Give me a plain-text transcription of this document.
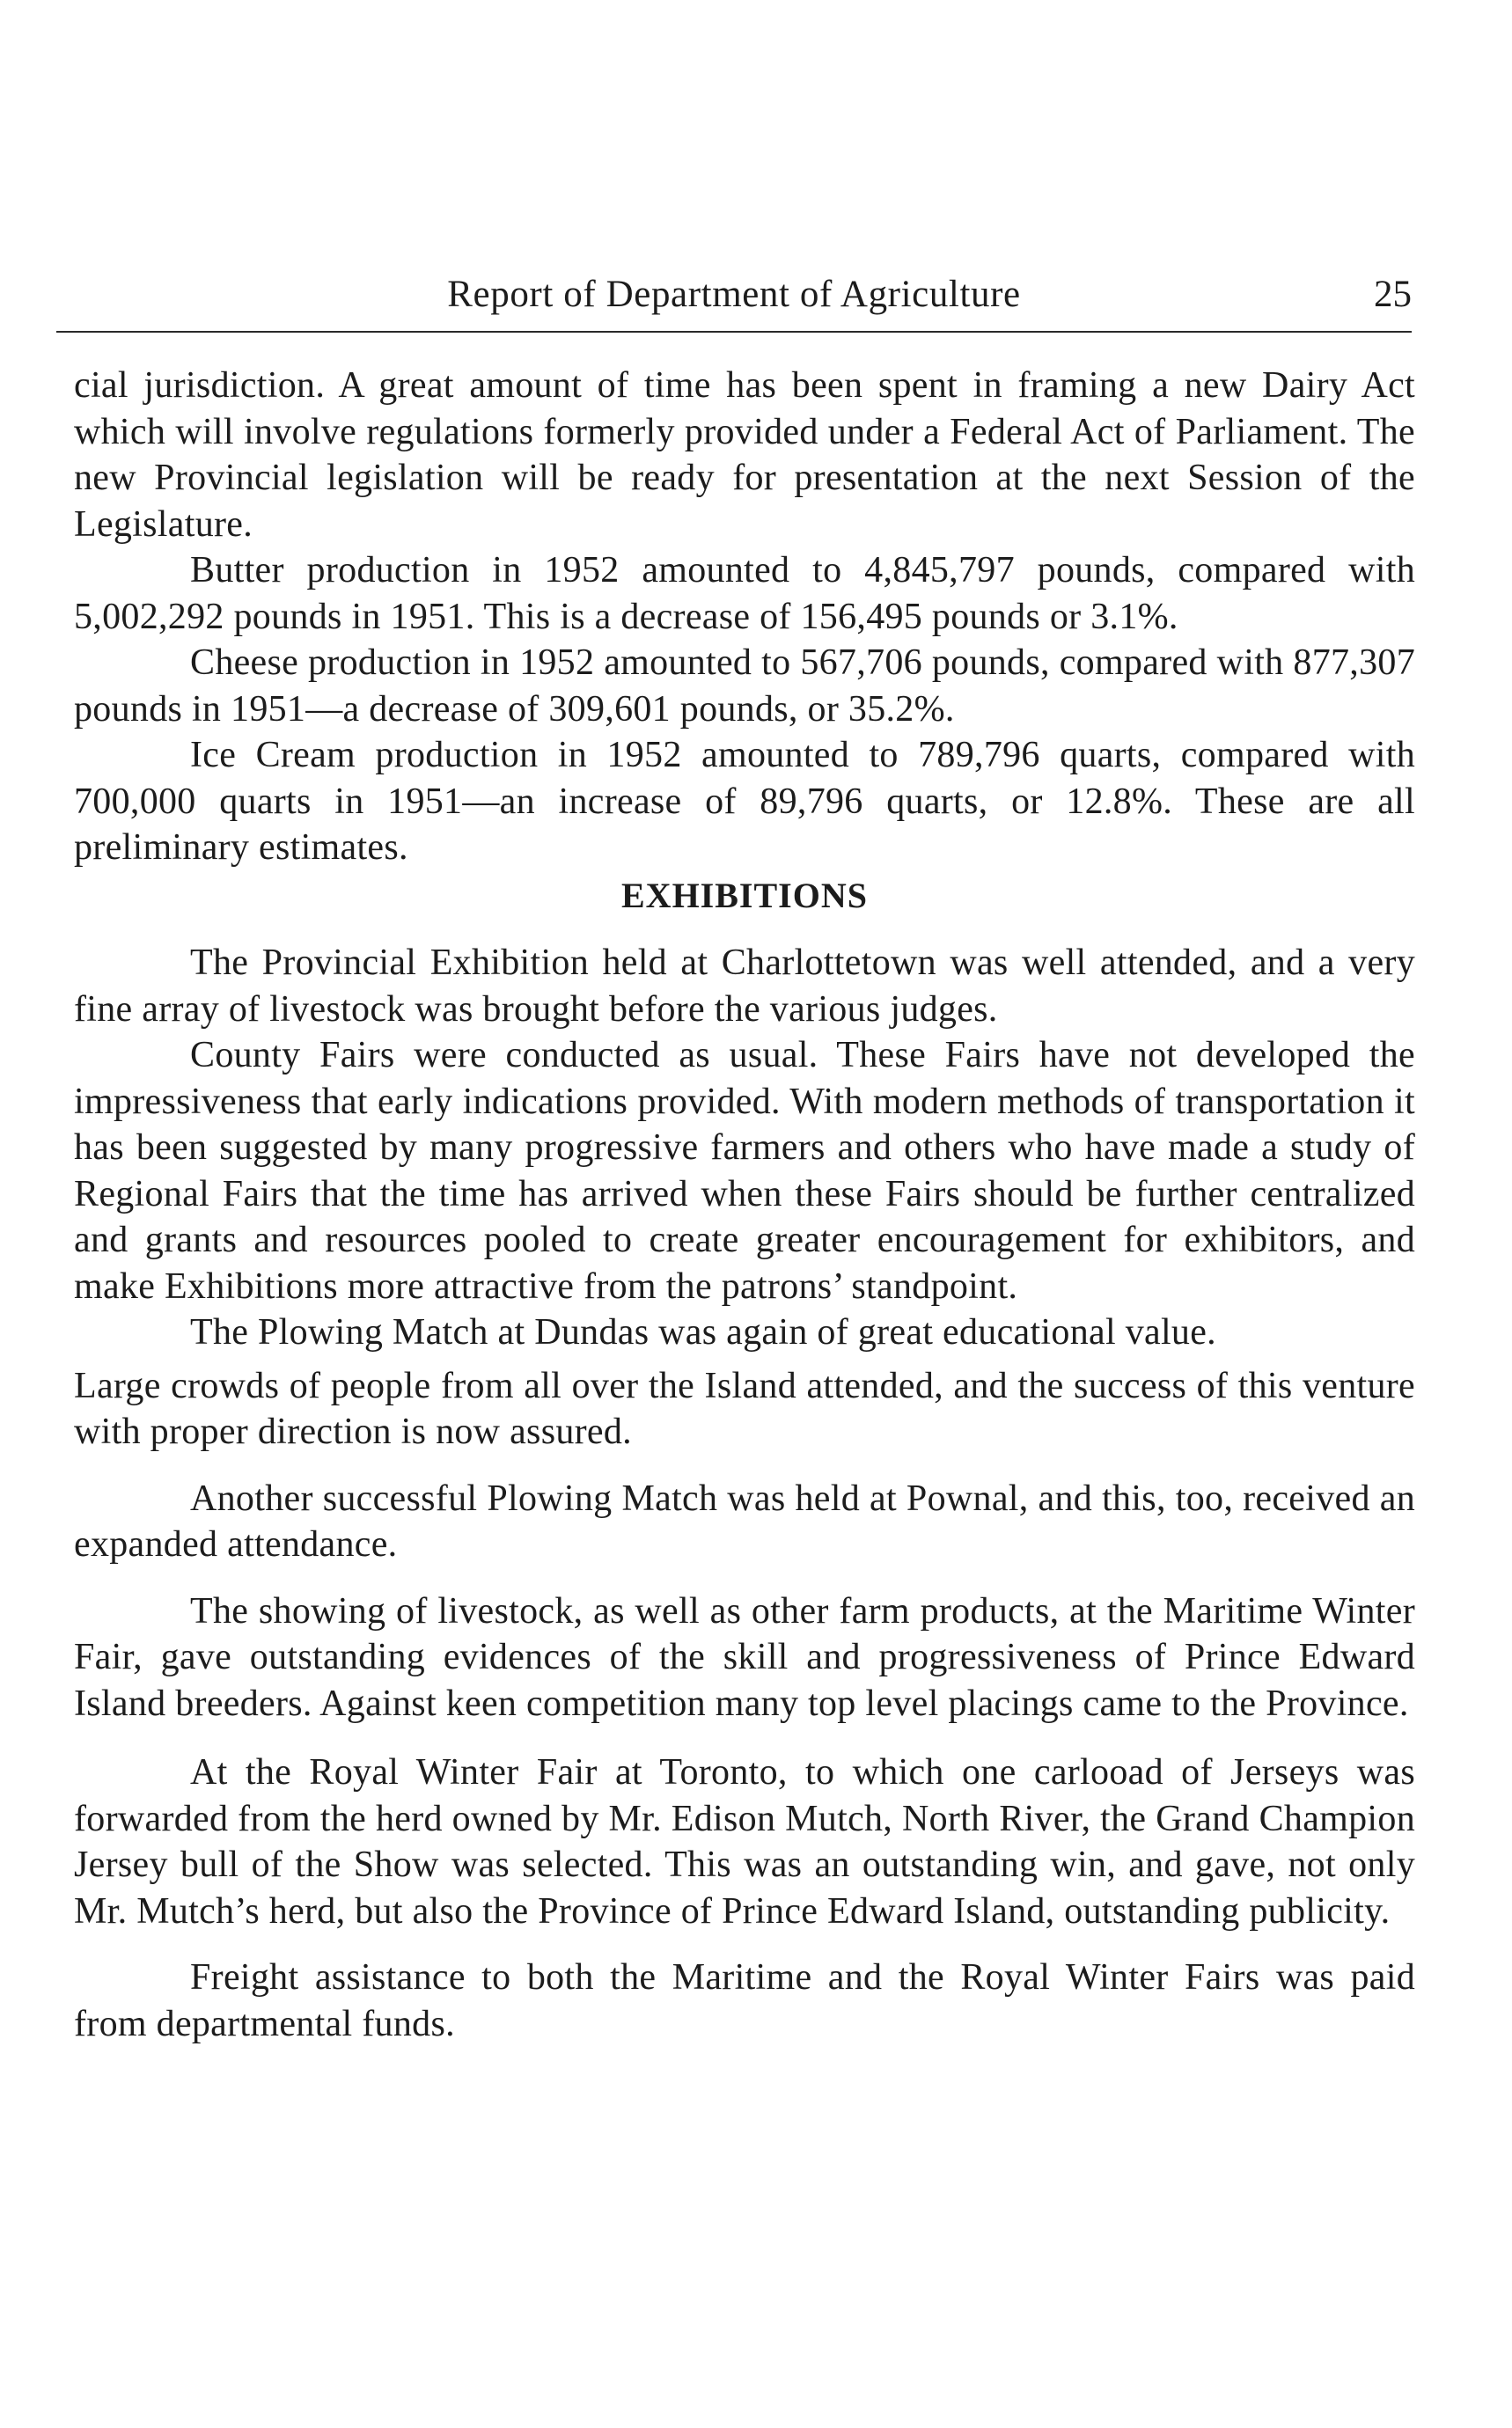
Report of Department of Agriculture	25

cial jurisdiction. A great amount of time has been spent in framing a new Dairy Act which will involve regulations formerly provided under a Federal Act of Parliament. The new Provincial legislation will be ready for presentation at the next Session of the Legislature.

Butter production in 1952 amounted to 4,845,797 pounds, compared with 5,002,292 pounds in 1951. This is a decrease of 156,495 pounds or 3.1%.

Cheese production in 1952 amounted to 567,706 pounds, compared with 877,307 pounds in 1951—a decrease of 309,601 pounds, or 35.2%.

Ice Cream production in 1952 amounted to 789,796 quarts, compared with 700,000 quarts in 1951—an increase of 89,796 quarts, or 12.8%. These are all preliminary estimates.

EXHIBITIONS

The Provincial Exhibition held at Charlottetown was well attended, and a very fine array of livestock was brought before the various judges.

County Fairs were conducted as usual. These Fairs have not developed the impressiveness that early indications provided. With modern methods of transportation it has been suggested by many progressive farmers and others who have made a study of Regional Fairs that the time has arrived when these Fairs should be further centralized and grants and resources pooled to create greater encouragement for exhibitors, and make Exhibitions more attractive from the patrons’ standpoint.

The Plowing Match at Dundas was again of great educational value.

Large crowds of people from all over the Island attended, and the success of this venture with proper direction is now assured.

Another successful Plowing Match was held at Pownal, and this, too, received an expanded attendance.

The showing of livestock, as well as other farm products, at the Maritime Winter Fair, gave outstanding evidences of the skill and progressiveness of Prince Edward Island breeders. Against keen competition many top level placings came to the Province.

At the Royal Winter Fair at Toronto, to which one carlooad of Jerseys was forwarded from the herd owned by Mr. Edison Mutch, North River, the Grand Champion Jersey bull of the Show was selected. This was an outstanding win, and gave, not only Mr. Mutch’s herd, but also the Province of Prince Edward Island, outstanding publicity.

Freight assistance to both the Maritime and the Royal Winter Fairs was paid from departmental funds.
